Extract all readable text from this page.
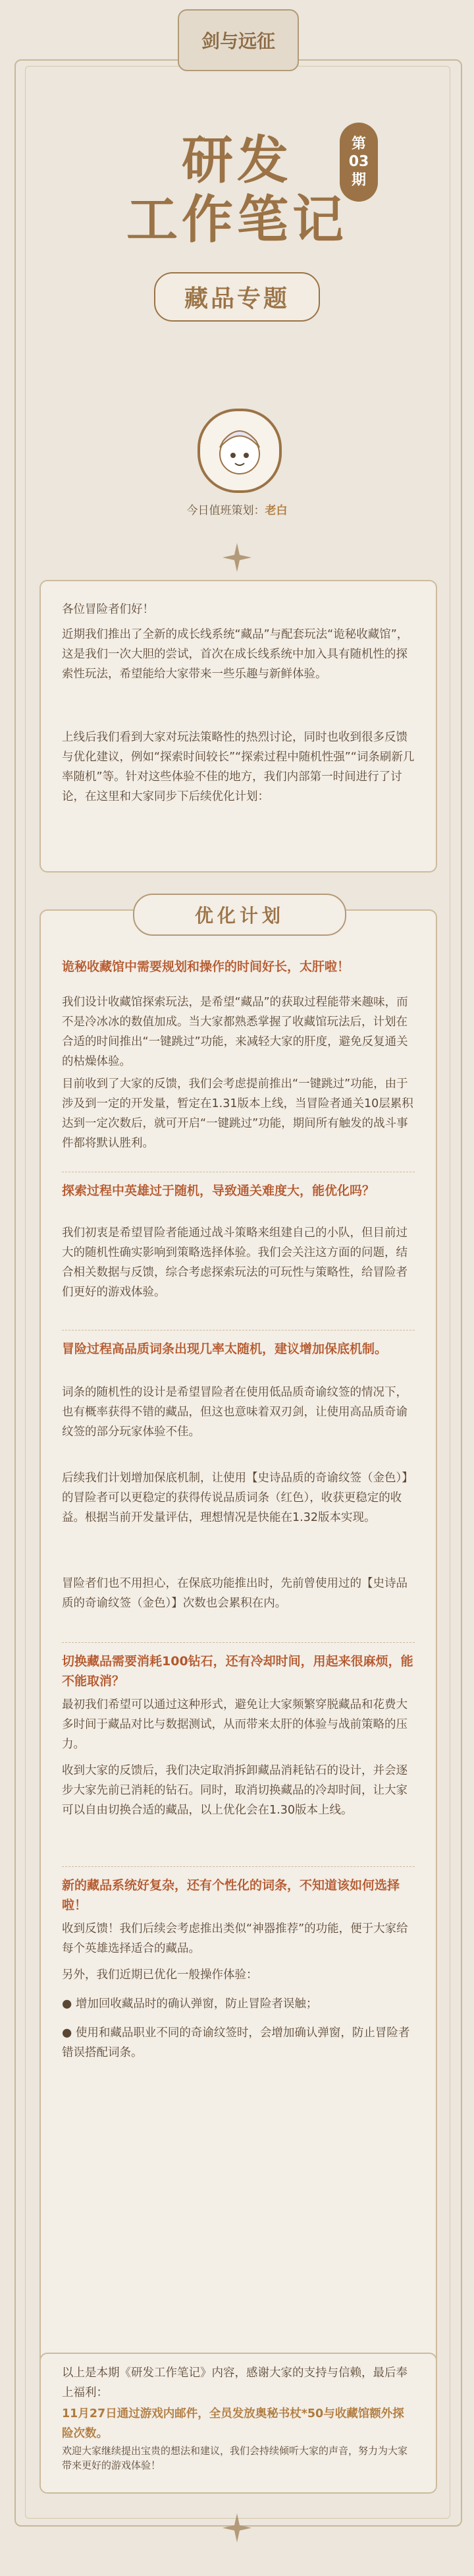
剑与远征
研发
工作笔记
第
03
期
藏品专题
今日值班策划：老白
各位冒险者们好！
近期我们推出了全新的成长线系统“藏品”与配套玩法“诡秘收藏馆”，这是我们一次大胆的尝试，首次在成长线系统中加入具有随机性的探索性玩法，希望能给大家带来一些乐趣与新鲜体验。
上线后我们看到大家对玩法策略性的热烈讨论，同时也收到很多反馈与优化建议，例如“探索时间较长”“探索过程中随机性强”“词条刷新几率随机”等。针对这些体验不佳的地方，我们内部第一时间进行了讨论，在这里和大家同步下后续优化计划：
优化计划
诡秘收藏馆中需要规划和操作的时间好长，太肝啦！
我们设计收藏馆探索玩法，是希望“藏品”的获取过程能带来趣味，而不是冷冰冰的数值加成。当大家都熟悉掌握了收藏馆玩法后，计划在合适的时间推出“一键跳过”功能，来减轻大家的肝度，避免反复通关的枯燥体验。
目前收到了大家的反馈，我们会考虑提前推出“一键跳过”功能，由于涉及到一定的开发量，暂定在1.31版本上线，当冒险者通关10层累积达到一定次数后，就可开启“一键跳过”功能，期间所有触发的战斗事件都将默认胜利。
探索过程中英雄过于随机，导致通关难度大，能优化吗？
我们初衷是希望冒险者能通过战斗策略来组建自己的小队，但目前过大的随机性确实影响到策略选择体验。我们会关注这方面的问题，结合相关数据与反馈，综合考虑探索玩法的可玩性与策略性，给冒险者们更好的游戏体验。
冒险过程高品质词条出现几率太随机，建议增加保底机制。
词条的随机性的设计是希望冒险者在使用低品质奇谕纹签的情况下，也有概率获得不错的藏品，但这也意味着双刃剑，让使用高品质奇谕纹签的部分玩家体验不佳。
后续我们计划增加保底机制，让使用【史诗品质的奇谕纹签（金色）】的冒险者可以更稳定的获得传说品质词条（红色），收获更稳定的收益。根据当前开发量评估，理想情况是快能在1.32版本实现。
冒险者们也不用担心，在保底功能推出时，先前曾使用过的【史诗品质的奇谕纹签（金色）】次数也会累积在内。
切换藏品需要消耗100钻石，还有冷却时间，用起来很麻烦，能不能取消？
最初我们希望可以通过这种形式，避免让大家频繁穿脱藏品和花费大多时间于藏品对比与数据测试，从而带来太肝的体验与战前策略的压力。
收到大家的反馈后，我们决定取消拆卸藏品消耗钻石的设计，并会逐步大家先前已消耗的钻石。同时，取消切换藏品的冷却时间，让大家可以自由切换合适的藏品，以上优化会在1.30版本上线。
新的藏品系统好复杂，还有个性化的词条，不知道该如何选择啦！
收到反馈！我们后续会考虑推出类似“神器推荐”的功能，便于大家给每个英雄选择适合的藏品。
另外，我们近期已优化一般操作体验：
● 增加回收藏品时的确认弹窗，防止冒险者误触；
● 使用和藏品职业不同的奇谕纹签时，会增加确认弹窗，防止冒险者错误搭配词条。
以上是本期《研发工作笔记》内容，感谢大家的支持与信赖，最后奉上福利：
11月27日通过游戏内邮件，全员发放奥秘书杖*50与收藏馆额外探险次数。
欢迎大家继续提出宝贵的想法和建议，我们会持续倾听大家的声音，努力为大家带来更好的游戏体验！
